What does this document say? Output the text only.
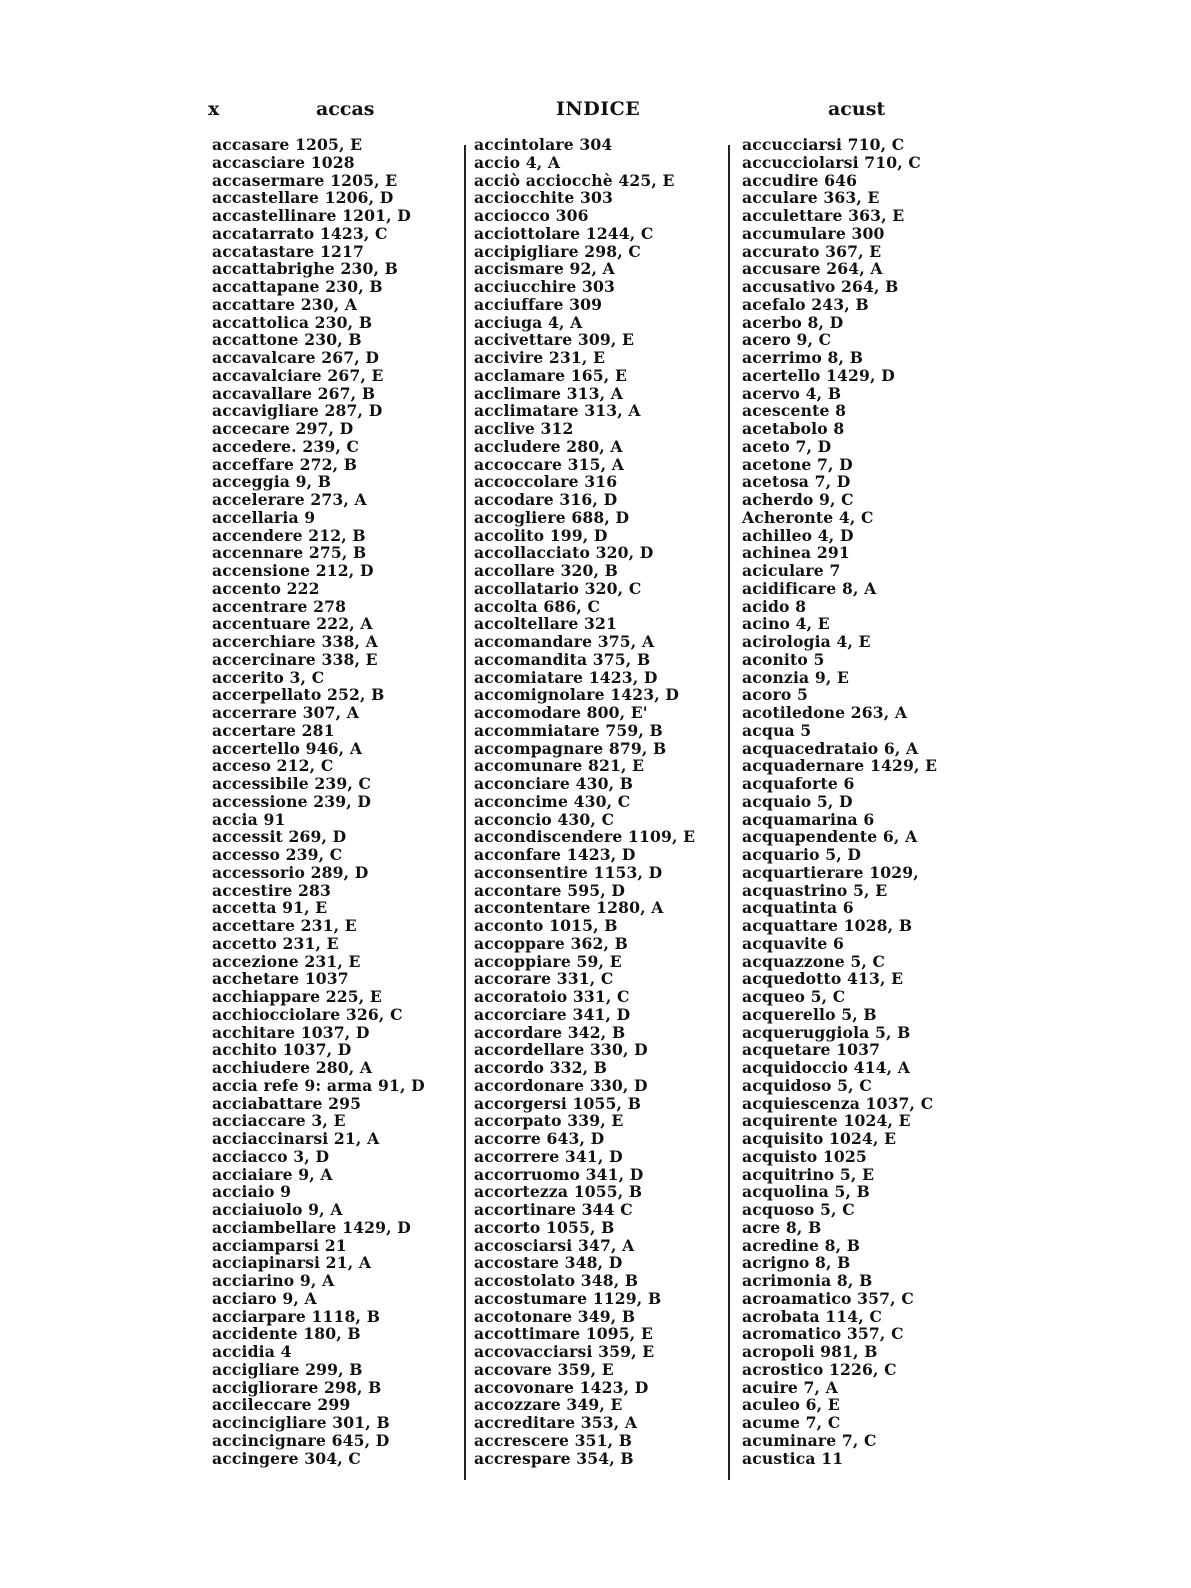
x	accas	INDICE	acust
accasare 1205, E
accasciare 1028
accasermare 1205, E
accastellare 1206, D
accastellinare 1201, D
accatarrato 1423, C
accatastare 1217
accattabrighe 230, B
accattapane 230, B
accattare 230, A
accattolica 230, B
accattone 230, B
accavalcare 267, D
accavalciare 267, E
accavallare 267, B
accavigliare 287, D
accecare 297, D
accedere. 239, C
acceffare 272, B
acceggia 9, B
accelerare 273, A
accellaria 9
accendere 212, B
accennare 275, B
accensione 212, D
accento 222
accentrare 278
accentuare 222, A
accerchiare 338, A
accercinare 338, E
accerito 3, C
accerpellato 252, B
accerrare 307, A
accertare 281
accertello 946, A
acceso 212, C
accessibile 239, C
accessione 239, D
accia 91
accessit 269, D
accesso 239, C
accessorio 289, D
accestire 283
accetta 91, E
accettare 231, E
accetto 231, E
accezione 231, E
acchetare 1037
acchiappare 225, E
acchiocciolare 326, C
acchitare 1037, D
acchito 1037, D
acchiudere 280, A
accia refe 9: arma 91, D
acciabattare 295
acciaccare 3, E
acciaccinarsi 21, A
acciacco 3, D
acciaiare 9, A
acciaio 9
acciaiuolo 9, A
acciambellare 1429, D
acciamparsi 21
acciapinarsi 21, A
acciarino 9, A
acciaro 9, A
acciarpare 1118, B
accidente 180, B
accidia 4
accigliare 299, B
accigliorare 298, B
accileccare 299
accincigliare 301, B
accincignare 645, D
accingere 304, C
accintolare 304
accio 4, A
acciò acciocchè 425, E
acciocchite 303
acciocco 306
acciottolare 1244, C
accipigliare 298, C
accismare 92, A
acciucchire 303
acciuffare 309
acciuga 4, A
accivettare 309, E
accivire 231, E
acclamare 165, E
acclimare 313, A
acclimatare 313, A
acclive 312
accludere 280, A
accoccare 315, A
accoccolare 316
accodare 316, D
accogliere 688, D
accolito 199, D
accollacciato 320, D
accollare 320, B
accollatario 320, C
accolta 686, C
accoltellare 321
accomandare 375, A
accomandita 375, B
accomiatare 1423, D
accomignolare 1423, D
accomodare 800, E'
accommiatare 759, B
accompagnare 879, B
accomunare 821, E
acconciare 430, B
acconcime 430, C
acconcio 430, C
accondiscendere 1109, E
acconfare 1423, D
acconsentire 1153, D
accontare 595, D
accontentare 1280, A
acconto 1015, B
accoppare 362, B
accoppiare 59, E
accorare 331, C
accoratoio 331, C
accorciare 341, D
accordare 342, B
accordellare 330, D
accordo 332, B
accordonare 330, D
accorgersi 1055, B
accorpato 339, E
accorre 643, D
accorrere 341, D
accorruomo 341, D
accortezza 1055, B
accortinare 344 C
accorto 1055, B
accosciarsi 347, A
accostare 348, D
accostolato 348, B
accostumare 1129, B
accotonare 349, B
accottimare 1095, E
accovacciarsi 359, E
accovare 359, E
accovonare 1423, D
accozzare 349, E
accreditare 353, A
accrescere 351, B
accrespare 354, B
accucciarsi 710, C
accucciolarsi 710, C
accudire 646
acculare 363, E
acculettare 363, E
accumulare 300
accurato 367, E
accusare 264, A
accusativo 264, B
acefalo 243, B
acerbo 8, D
acero 9, C
acerrimo 8, B
acertello 1429, D
acervo 4, B
acescente 8
acetabolo 8
aceto 7, D
acetone 7, D
acetosa 7, D
acherdo 9, C
Acheronte 4, C
achilleo 4, D
achinea 291
aciculare 7
acidificare 8, A
acido 8
acino 4, E
acirologia 4, E
aconito 5
aconzia 9, E
acoro 5
acotiledone 263, A
acqua 5
acquacedrataio 6, A
acquadernare 1429, E
acquaforte 6
acquaio 5, D
acquamarina 6
acquapendente 6, A
acquario 5, D
acquartierare 1029,
acquastrino 5, E
acquatinta 6
acquattare 1028, B
acquavite 6
acquazzone 5, C
acquedotto 413, E
acqueo 5, C
acquerello 5, B
acqueruggiola 5, B
acquetare 1037
acquidoccio 414, A
acquidoso 5, C
acquiescenza 1037, C
acquirente 1024, E
acquisito 1024, E
acquisto 1025
acquitrino 5, E
acquolina 5, B
acquoso 5, C
acre 8, B
acredine 8, B
acrigno 8, B
acrimonia 8, B
acroamatico 357, C
acrobata 114, C
acromatico 357, C
acropoli 981, B
acrostico 1226, C
acuire 7, A
aculeo 6, E
acume 7, C
acuminare 7, C
acustica 11
